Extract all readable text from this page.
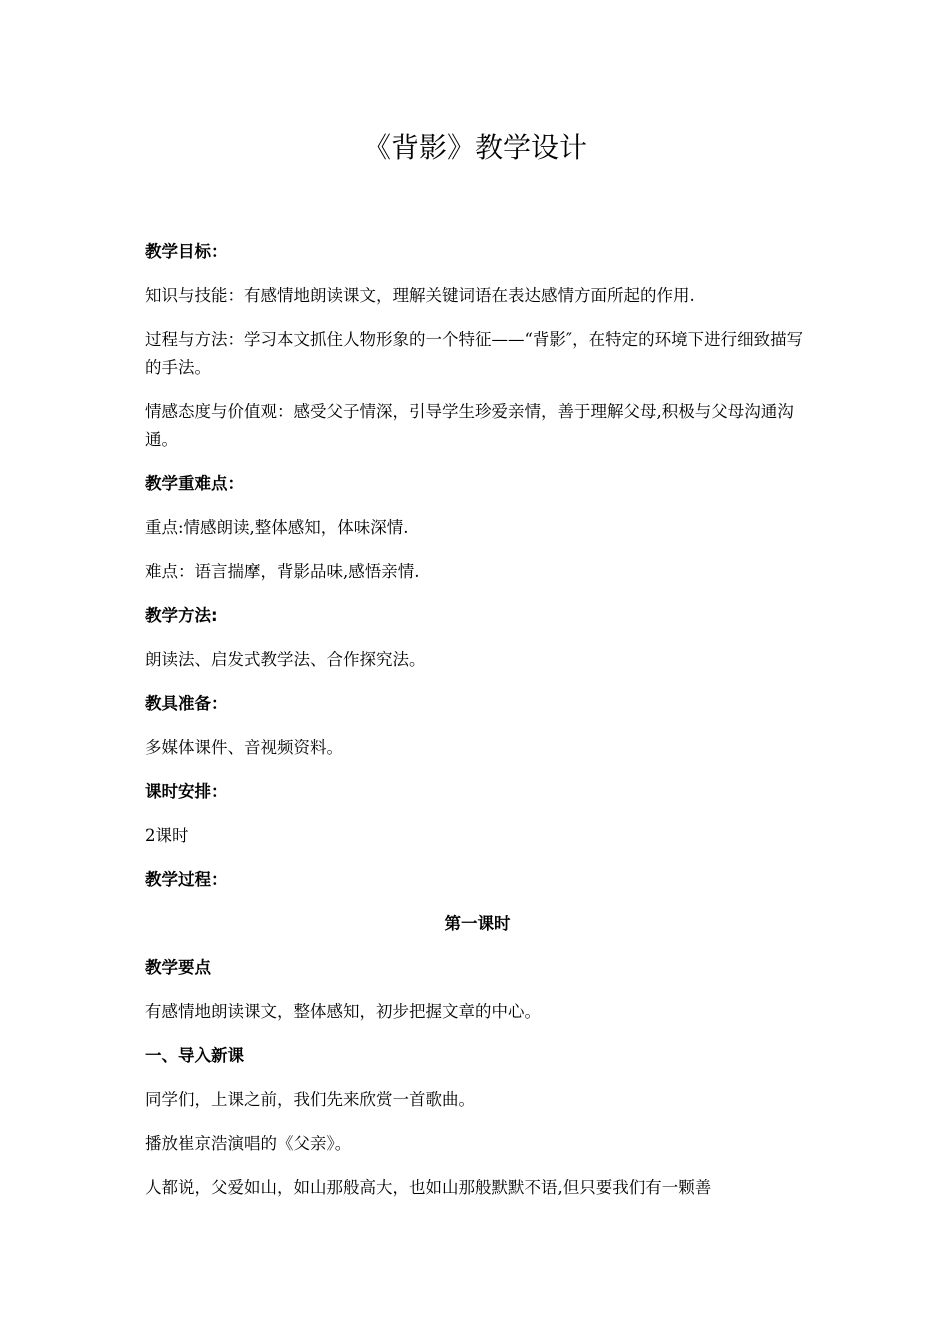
《背影》教学设计
教学目标：
知识与技能：有感情地朗读课文，理解关键词语在表达感情方面所起的作用.
过程与方法：学习本文抓住人物形象的一个特征——“背影″，在特定的环境下进行细致描写的手法。
情感态度与价值观：感受父子情深，引导学生珍爱亲情，善于理解父母,积极与父母沟通沟通。
教学重难点：
重点:情感朗读,整体感知，体味深情.
难点：语言揣摩，背影品味,感悟亲情.
教学方法:
朗读法、启发式教学法、合作探究法。
教具准备：
多媒体课件、音视频资料。
课时安排：
2课时
教学过程：
第一课时
教学要点
有感情地朗读课文，整体感知，初步把握文章的中心。
一、导入新课
同学们，上课之前，我们先来欣赏一首歌曲。
播放崔京浩演唱的《父亲》。
人都说，父爱如山，如山那般高大，也如山那般默默不语,但只要我们有一颗善
